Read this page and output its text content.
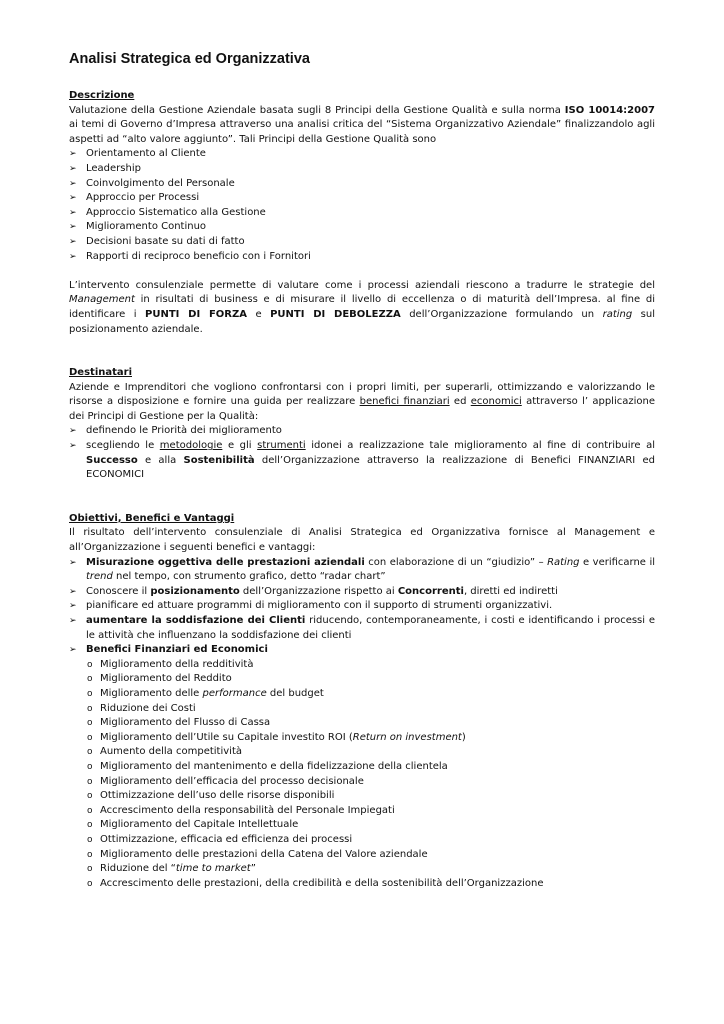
Analisi Strategica ed Organizzativa
Descrizione

Valutazione della Gestione Aziendale basata sugli 8 Principi della Gestione Qualità e sulla norma ISO 10014:2007 ai temi di Governo d’Impresa attraverso una analisi critica del “Sistema Organizzativo Aziendale” finalizzandolo agli aspetti ad “alto valore aggiunto”. Tali Principi della Gestione Qualità sono

➢ Orientamento al Cliente
➢ Leadership
➢ Coinvolgimento del Personale
➢ Approccio per Processi
➢ Approccio Sistematico alla Gestione
➢ Miglioramento Continuo
➢ Decisioni basate su dati di fatto
➢ Rapporti di reciproco beneficio con i Fornitori

L’intervento consulenziale permette di valutare come i processi aziendali riescono a tradurre le strategie del Management in risultati di business e di misurare il livello di eccellenza o di maturità dell’Impresa. al fine di identificare i PUNTI DI FORZA e PUNTI DI DEBOLEZZA dell’Organizzazione formulando un rating sul posizionamento aziendale.

Destinatari

Aziende e Imprenditori che vogliono confrontarsi con i propri limiti, per superarli, ottimizzando e valorizzando le risorse a disposizione e fornire una guida per realizzare benefici finanziari ed economici attraverso l’ applicazione dei Principi di Gestione per la Qualità:

➢ definendo le Priorità dei miglioramento
➢ scegliendo le metodologie e gli strumenti idonei a realizzazione tale miglioramento al fine di contribuire al Successo e alla Sostenibilità dell’Organizzazione attraverso la realizzazione di Benefici FINANZIARI ed ECONOMICI
Obiettivi, Benefici e Vantaggi

Il risultato dell’intervento consulenziale di Analisi Strategica ed Organizzativa fornisce al Management e all’Organizzazione i seguenti benefici e vantaggi:

➢ Misurazione oggettiva delle prestazioni aziendali con elaborazione di un “giudizio” – Rating e verificarne il trend nel tempo, con strumento grafico, detto “radar chart”
➢ Conoscere il posizionamento dell’Organizzazione rispetto ai Concorrenti, diretti ed indiretti
➢ pianificare ed attuare programmi di miglioramento con il supporto di strumenti organizzativi.
➢ aumentare la soddisfazione dei Clienti riducendo, contemporaneamente, i costi e identificando i processi e le attività che influenzano la soddisfazione dei clienti
➢ Benefici Finanziari ed Economici
o Miglioramento della redditività
o Miglioramento del Reddito
o Miglioramento delle performance del budget
o Riduzione dei Costi
o Miglioramento del Flusso di Cassa
o Miglioramento dell’Utile su Capitale investito ROI (Return on investment)
o Aumento della competitività
o Miglioramento del mantenimento e della fidelizzazione della clientela
o Miglioramento dell’efficacia del processo decisionale
o Ottimizzazione dell’uso delle risorse disponibili
o Accrescimento della responsabilità del Personale Impiegati
o Miglioramento del Capitale Intellettuale
o Ottimizzazione, efficacia ed efficienza dei processi
o Miglioramento delle prestazioni della Catena del Valore aziendale
o Riduzione del “time to market”
o Accrescimento delle prestazioni, della credibilità e della sostenibilità dell’Organizzazione
